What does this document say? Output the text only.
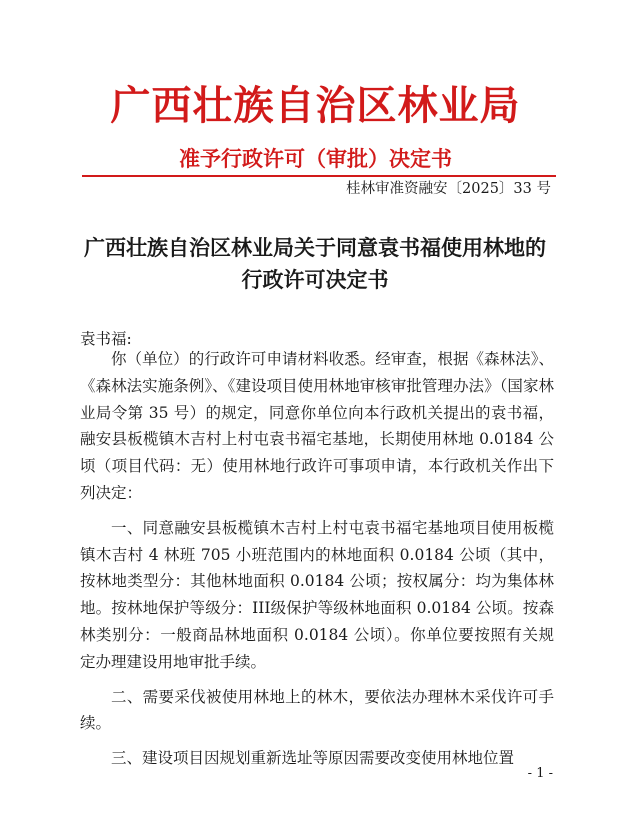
广西壮族自治区林业局
准予行政许可（审批）决定书
桂林审准资融安〔2025〕33 号
广西壮族自治区林业局关于同意袁书福使用林地的行政许可决定书
袁书福:

你（单位）的行政许可申请材料收悉。经审查，根据《森林法》、《森林法实施条例》、《建设项目使用林地审核审批管理办法》（国家林业局令第 35 号）的规定，同意你单位向本行政机关提出的袁书福，融安县板榄镇木吉村上村屯袁书福宅基地，长期使用林地 0.0184 公顷（项目代码：无）使用林地行政许可事项申请，本行政机关作出下列决定：

一、同意融安县板榄镇木吉村上村屯袁书福宅基地项目使用板榄镇木吉村 4 林班 705 小班范围内的林地面积 0.0184 公顷（其中，按林地类型分：其他林地面积 0.0184 公顷；按权属分：均为集体林地。按林地保护等级分：III级保护等级林地面积 0.0184 公顷。按森林类别分：一般商品林地面积 0.0184 公顷）。你单位要按照有关规定办理建设用地审批手续。

二、需要采伐被使用林地上的林木，要依法办理林木采伐许可手续。

三、建设项目因规划重新选址等原因需要改变使用林地位置

- 1 -
